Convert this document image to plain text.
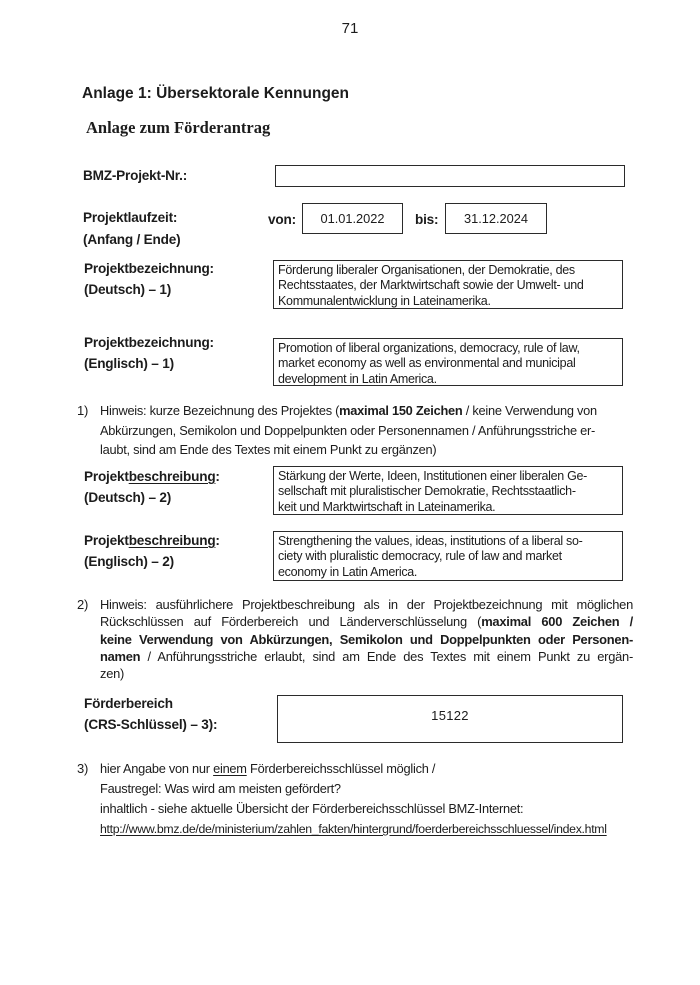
71
Anlage 1: Übersektorale Kennungen
Anlage zum Förderantrag
BMZ-Projekt-Nr.:
Projektlaufzeit:
(Anfang / Ende)
von:
01.01.2022	bis:
31.12.2024
Projektbezeichnung:
(Deutsch) – 1)
Förderung liberaler Organisationen, der Demokratie, des
Rechtsstaates, der Marktwirtschaft sowie der Umwelt- und
Kommunalentwicklung in Lateinamerika.
Projektbezeichnung:
(Englisch) – 1)
Promotion of liberal organizations, democracy, rule of law,
market economy as well as environmental and municipal
development in Latin America.
1) Hinweis: kurze Bezeichnung des Projektes (maximal 150 Zeichen / keine Verwendung von
Abkürzungen, Semikolon und Doppelpunkten oder Personennamen / Anführungsstriche er-
laubt, sind am Ende des Textes mit einem Punkt zu ergänzen)
Projektbeschreibung:
(Deutsch) – 2)
Stärkung der Werte, Ideen, Institutionen einer liberalen Ge-
sellschaft mit pluralistischer Demokratie, Rechtsstaatlich-
keit und Marktwirtschaft in Lateinamerika.
Projektbeschreibung:
(Englisch) – 2)
Strengthening the values, ideas, institutions of a liberal so-
ciety with pluralistic democracy, rule of law and market
economy in Latin America.
2) Hinweis: ausführlichere Projektbeschreibung als in der Projektbezeichnung mit möglichen
Rückschlüssen auf Förderbereich und Länderverschlüsselung (maximal 600 Zeichen /
keine Verwendung von Abkürzungen, Semikolon und Doppelpunkten oder Personen-
namen / Anführungsstriche erlaubt, sind am Ende des Textes mit einem Punkt zu ergän-
zen)
Förderbereich
(CRS-Schlüssel) – 3):
15122
3) hier Angabe von nur einem Förderbereichsschlüssel möglich /
Faustregel: Was wird am meisten gefördert?
inhaltlich - siehe aktuelle Übersicht der Förderbereichsschlüssel BMZ-Internet:
http://www.bmz.de/de/ministerium/zahlen_fakten/hintergrund/foerderbereichsschluessel/index.html
